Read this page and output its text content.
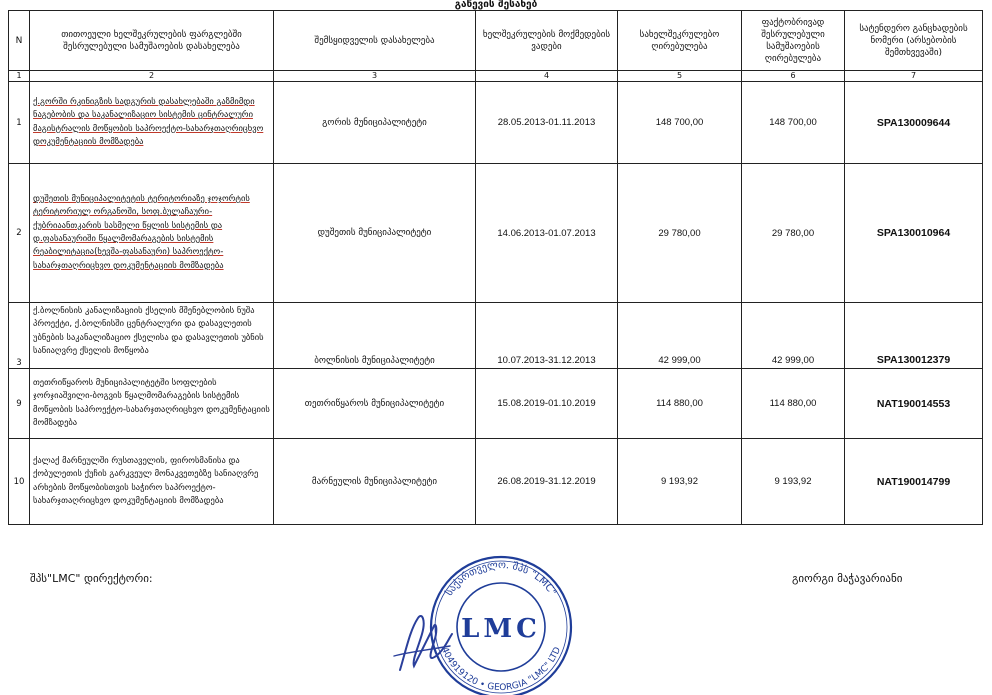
გაწევის შესახებ
N	თითოეული ხელშეკრულების ფარგლებში შესრულებული სამუშაოების დასახელება	შემსყიდველის დასახელება	ხელშეკრულების მოქმედების ვადები	სახელშეკრულებო ღირებულება	ფაქტობრივად შესრულებული სამუშაოების ღირებულება	სატენდერო განცხადების ნომერი (არსებობის შემთხვევაში)
1	2	3	4	5	6	7
1	ქ.გორში რკინიგზის სადგურის დასახლებაში გაზმიმდი ნაგებობის და საკანალიზაციო სისტემის ცინტრალური მაგისტრალის მოწყობის საპროექტო-სახარჯთაღრიცხვო დოკუმენტაციის მომზადება	გორის მუნიციპალიტეტი	28.05.2013-01.11.2013	148 700,00	148 700,00	SPA130009644
2	დუშეთის მუნიციპალიტეტის ტერიტორიაზე ჯოჯორტის ტერიტორიულ ორგანოში, სოფ.ბულაჩაური-ქუბრიაანთკარის სასმელი წყლის სისტემის და დ.ფასანაურიში წყალმომარაგების სისტემის რეაბილიტაცია(ხევშა-ფასანაური) საპროექტო-სახარჯთაღრიცხვო დოკუმენტაციის მომზადება	დუშეთის მუნიციპალიტეტი	14.06.2013-01.07.2013	29 780,00	29 780,00	SPA130010964
3	ქ.ბოლნისის კანალიზაციის ქსელის მშენებლობის ნუშა პროექტი, ქ.ბოლნისში ცენტრალური და დასავლეთის უბნების საკანალიზაციო ქსელისა და დასავლეთის უბნის სანიაღვრე ქსელის მოწყობა	ბოლნისის მუნიციპალიტეტი	10.07.2013-31.12.2013	42 999,00	42 999,00	SPA130012379
9	თეთრიწყაროს მუნიციპალიტეტში სოფლების ჯორჯიაშვილი-ბოგვის წყალმომარაგების სისტემის მოწყობის საპროექტო-სახარჯთაღრიცხვო დოკუმენტაციის მომზადება	თეთრიწყაროს მუნიციპალიტეტი	15.08.2019-01.10.2019	114 880,00	114 880,00	NAT190014553
10	ქალაქ მარნეულში რუსთაველის, ფიროსმანისა და ქობულეთის ქუჩის გარკვეულ მონაკვეთებზე სანიაღვრე არხების მოწყობისთვის საჭირო საპროექტო-სახარჯთაღრიცხვო დოკუმენტაციის მომზადება	მარნეულის მუნიციპალიტეტი	26.08.2019-31.12.2019	9 193,92	9 193,92	NAT190014799
შპს"LMC" დირექტორი:	გიორგი მაჭავარიანი
საქართველო. შპს "LMC"
404919120 • GEORGIA "LMC" LTD
LMC
